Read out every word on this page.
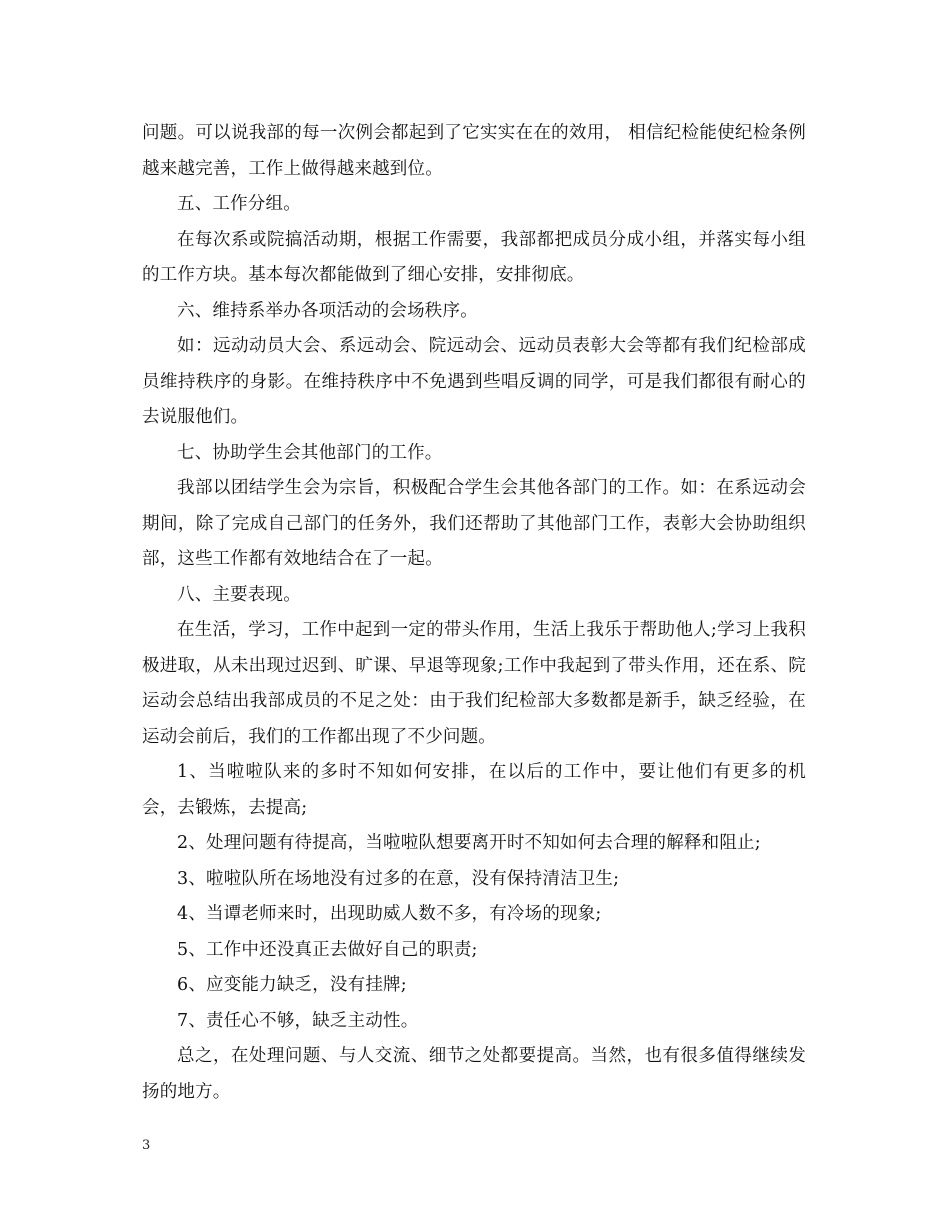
问题。可以说我部的每一次例会都起到了它实实在在的效用， 相信纪检能使纪检条例越来越完善，工作上做得越来越到位。

五、工作分组。

在每次系或院搞活动期，根据工作需要，我部都把成员分成小组，并落实每小组的工作方块。基本每次都能做到了细心安排，安排彻底。

六、维持系举办各项活动的会场秩序。

如：远动动员大会、系远动会、院远动会、远动员表彰大会等都有我们纪检部成员维持秩序的身影。在维持秩序中不免遇到些唱反调的同学，可是我们都很有耐心的去说服他们。

七、协助学生会其他部门的工作。

我部以团结学生会为宗旨，积极配合学生会其他各部门的工作。如：在系远动会期间，除了完成自己部门的任务外，我们还帮助了其他部门工作，表彰大会协助组织部，这些工作都有效地结合在了一起。

八、主要表现。

在生活，学习，工作中起到一定的带头作用，生活上我乐于帮助他人;学习上我积极进取，从未出现过迟到、旷课、早退等现象;工作中我起到了带头作用，还在系、院运动会总结出我部成员的不足之处：由于我们纪检部大多数都是新手，缺乏经验，在运动会前后，我们的工作都出现了不少问题。

1、当啦啦队来的多时不知如何安排，在以后的工作中，要让他们有更多的机会，去锻炼，去提高;

2、处理问题有待提高，当啦啦队想要离开时不知如何去合理的解释和阻止;

3、啦啦队所在场地没有过多的在意，没有保持清洁卫生;

4、当谭老师来时，出现助威人数不多，有冷场的现象;

5、工作中还没真正去做好自己的职责;

6、应变能力缺乏，没有挂牌;

7、责任心不够，缺乏主动性。

总之，在处理问题、与人交流、细节之处都要提高。当然，也有很多值得继续发扬的地方。

3
